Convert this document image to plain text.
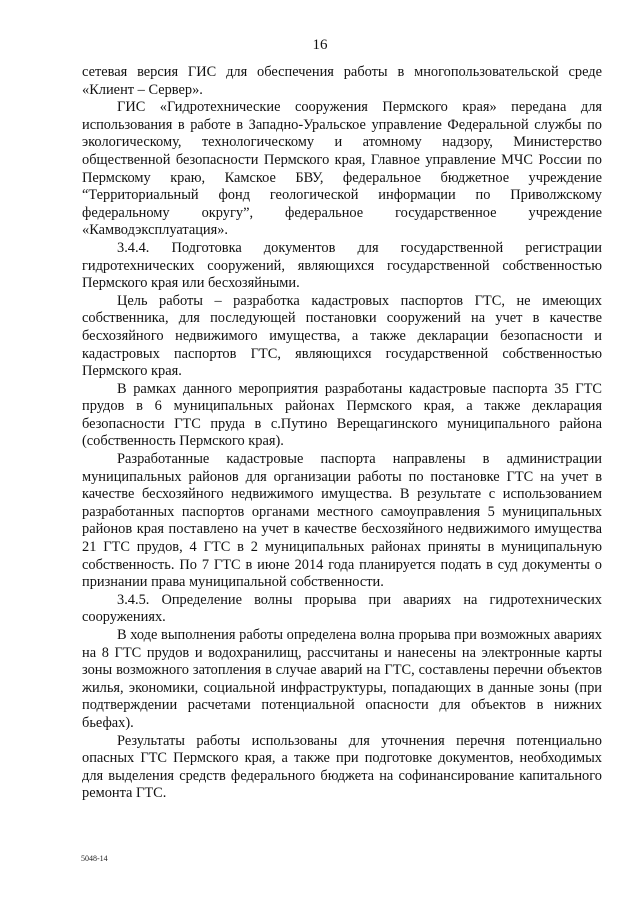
16

сетевая версия ГИС для обеспечения работы в многопользовательской среде «Клиент – Сервер».

ГИС «Гидротехнические сооружения Пермского края» передана для использования в работе в Западно-Уральское управление Федеральной службы по экологическому, технологическому и атомному надзору, Министерство общественной безопасности Пермского края, Главное управление МЧС России по Пермскому краю, Камское БВУ, федеральное бюджетное учреждение “Территориальный фонд геологической информации по Приволжскому федеральному округу”, федеральное государственное учреждение «Камводэксплуатация».

3.4.4. Подготовка документов для государственной регистрации гидротехнических сооружений, являющихся государственной собственностью Пермского края или бесхозяйными.

Цель работы – разработка кадастровых паспортов ГТС, не имеющих собственника, для последующей постановки сооружений на учет в качестве бесхозяйного недвижимого имущества, а также декларации безопасности и кадастровых паспортов ГТС, являющихся государственной собственностью Пермского края.

В рамках данного мероприятия разработаны кадастровые паспорта 35 ГТС прудов в 6 муниципальных районах Пермского края, а также декларация безопасности ГТС пруда в с.Путино Верещагинского муниципального района (собственность Пермского края).

Разработанные кадастровые паспорта направлены в администрации муниципальных районов для организации работы по постановке ГТС на учет в качестве бесхозяйного недвижимого имущества. В результате с использованием разработанных паспортов органами местного самоуправления 5 муниципальных районов края поставлено на учет в качестве бесхозяйного недвижимого имущества 21 ГТС прудов, 4 ГТС в 2 муниципальных районах приняты в муниципальную собственность. По 7 ГТС в июне 2014 года планируется подать в суд документы о признании права муниципальной собственности.

3.4.5. Определение волны прорыва при авариях на гидротехнических сооружениях.

В ходе выполнения работы определена волна прорыва при возможных авариях на 8 ГТС прудов и водохранилищ, рассчитаны и нанесены на электронные карты зоны возможного затопления в случае аварий на ГТС, составлены перечни объектов жилья, экономики, социальной инфраструктуры, попадающих в данные зоны (при подтверждении расчетами потенциальной опасности для объектов в нижних бьефах).

Результаты работы использованы для уточнения перечня потенциально опасных ГТС Пермского края, а также при подготовке документов, необходимых для выделения средств федерального бюджета на софинансирование капитального ремонта ГТС.

5048-14
